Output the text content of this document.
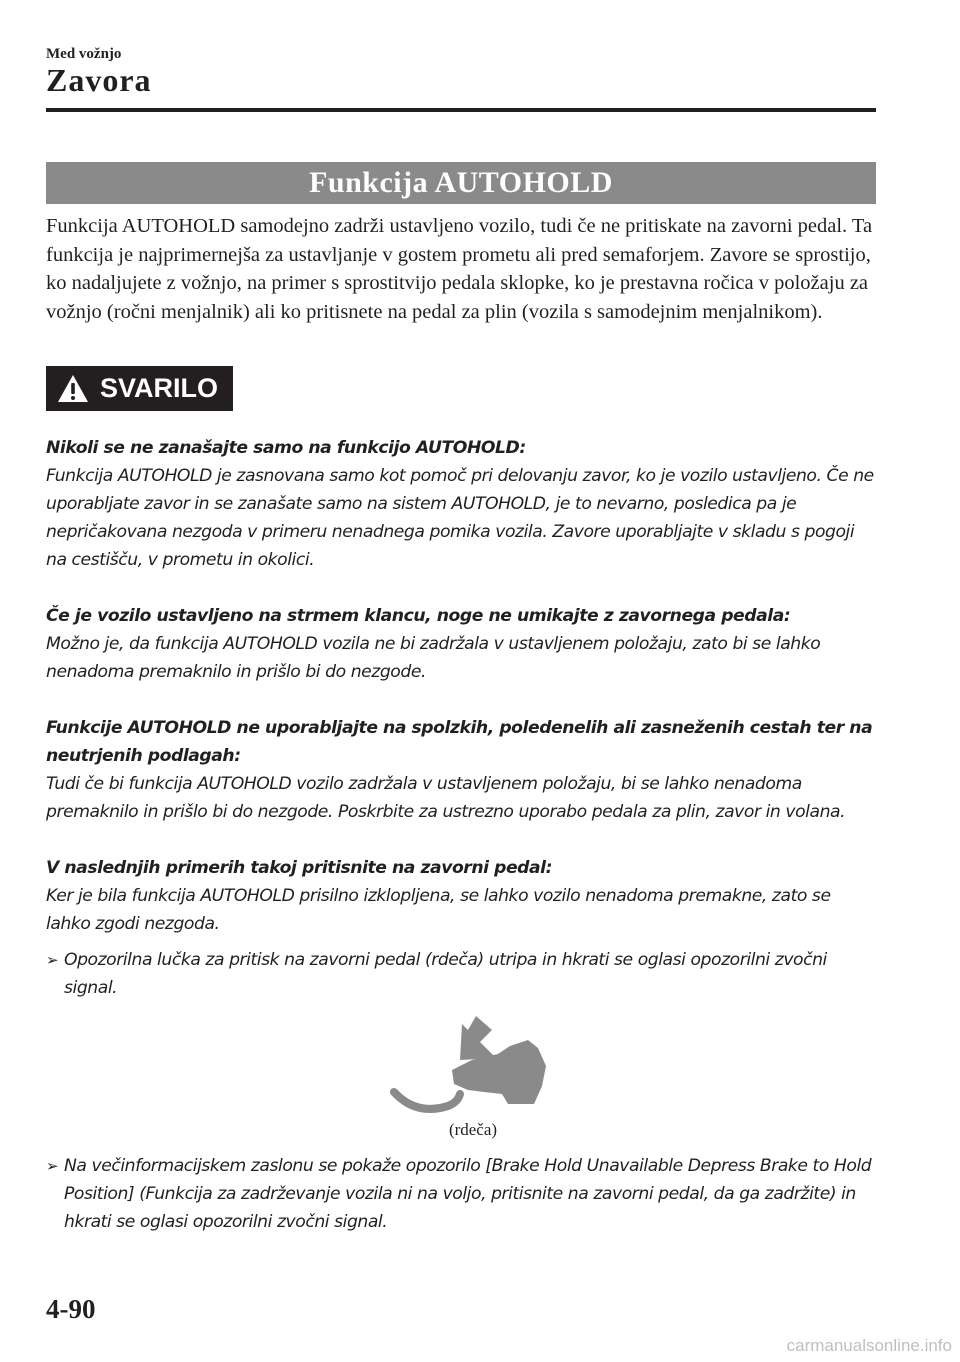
Med vožnjo
Zavora
Funkcija AUTOHOLD

Funkcija AUTOHOLD samodejno zadrži ustavljeno vozilo, tudi če ne pritiskate na zavorni pedal. Ta funkcija je najprimernejša za ustavljanje v gostem prometu ali pred semaforjem. Zavore se sprostijo, ko nadaljujete z vožnjo, na primer s sprostitvijo pedala sklopke, ko je prestavna ročica v položaju za vožnjo (ročni menjalnik) ali ko pritisnete na pedal za plin (vozila s samodejnim menjalnikom).

SVARILO

Nikoli se ne zanašajte samo na funkcijo AUTOHOLD:
Funkcija AUTOHOLD je zasnovana samo kot pomoč pri delovanju zavor, ko je vozilo ustavljeno. Če ne uporabljate zavor in se zanašate samo na sistem AUTOHOLD, je to nevarno, posledica pa je nepričakovana nezgoda v primeru nenadnega pomika vozila. Zavore uporabljajte v skladu s pogoji na cestišču, v prometu in okolici.

Če je vozilo ustavljeno na strmem klancu, noge ne umikajte z zavornega pedala:
Možno je, da funkcija AUTOHOLD vozila ne bi zadržala v ustavljenem položaju, zato bi se lahko nenadoma premaknilo in prišlo bi do nezgode.

Funkcije AUTOHOLD ne uporabljajte na spolzkih, poledenelih ali zasneženih cestah ter na neutrjenih podlagah:
Tudi če bi funkcija AUTOHOLD vozilo zadržala v ustavljenem položaju, bi se lahko nenadoma premaknilo in prišlo bi do nezgode. Poskrbite za ustrezno uporabo pedala za plin, zavor in volana.

V naslednjih primerih takoj pritisnite na zavorni pedal:
Ker je bila funkcija AUTOHOLD prisilno izklopljena, se lahko vozilo nenadoma premakne, zato se lahko zgodi nezgoda.

➢ Opozorilna lučka za pritisk na zavorni pedal (rdeča) utripa in hkrati se oglasi opozorilni zvočni signal.
(rdeča)
➢ Na večinformacijskem zaslonu se pokaže opozorilo [Brake Hold Unavailable Depress Brake to Hold Position] (Funkcija za zadrževanje vozila ni na voljo, pritisnite na zavorni pedal, da ga zadržite) in hkrati se oglasi opozorilni zvočni signal.
4-90
carmanualsonline.info
